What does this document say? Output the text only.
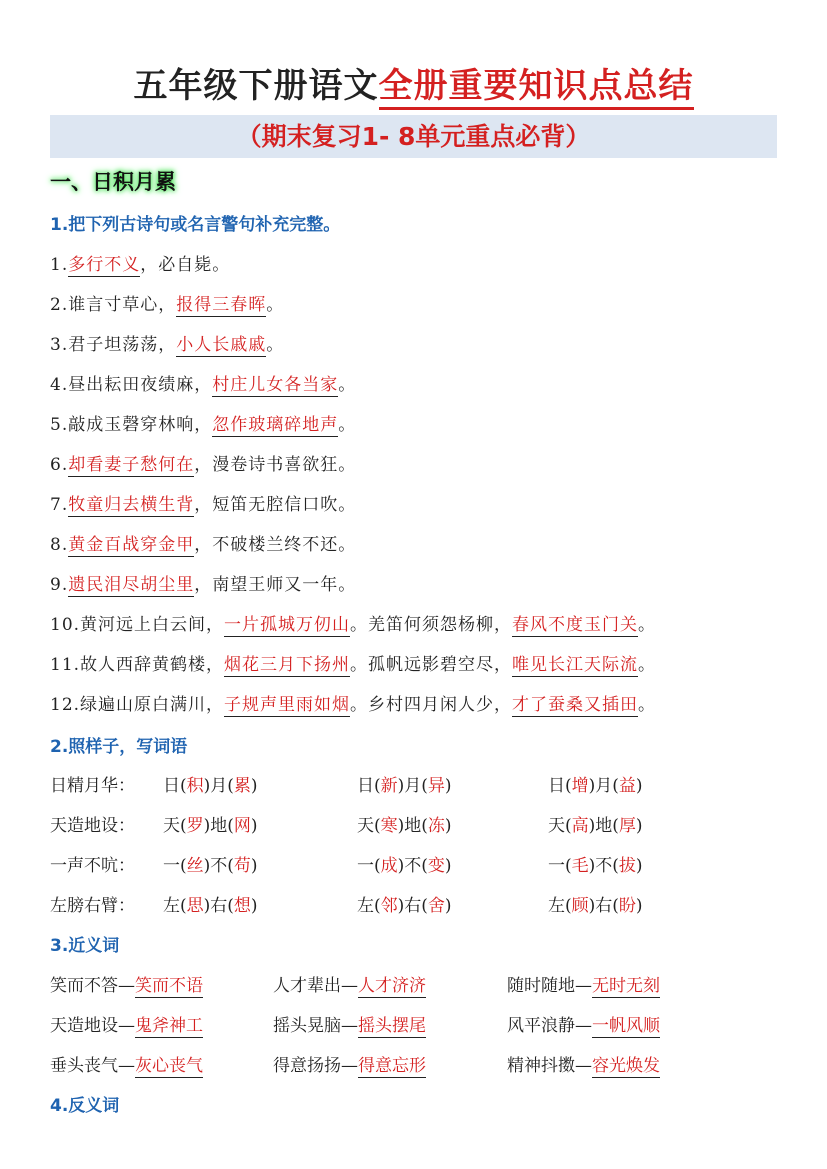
五年级下册语文全册重要知识点总结
（期末复习1- 8单元重点必背）
一、日积月累
1.把下列古诗句或名言警句补充完整。
1.多行不义，必自毙。
2.谁言寸草心，报得三春晖。
3.君子坦荡荡，小人长戚戚。
4.昼出耘田夜绩麻，村庄儿女各当家。
5.敲成玉磬穿林响，忽作玻璃碎地声。
6.却看妻子愁何在，漫卷诗书喜欲狂。
7.牧童归去横生背，短笛无腔信口吹。
8.黄金百战穿金甲，不破楼兰终不还。
9.遗民泪尽胡尘里，南望王师又一年。
10.黄河远上白云间，一片孤城万仞山。羌笛何须怨杨柳，春风不度玉门关。
11.故人西辞黄鹤楼，烟花三月下扬州。孤帆远影碧空尽，唯见长江天际流。
12.绿遍山原白满川，子规声里雨如烟。乡村四月闲人少，才了蚕桑又插田。
2.照样子，写词语
日精月华： 日(积)月(累)	日(新)月(异)	日(增)月(益)
天造地设： 天(罗)地(网)	天(寒)地(冻)	天(高)地(厚)
一声不吭： 一(丝)不(苟)	一(成)不(变)	一(毛)不(拔)
左膀右臂： 左(思)右(想)	左(邻)右(舍)	左(顾)右(盼)
3.近义词
笑而不答—笑而不语	人才辈出—人才济济	随时随地—无时无刻
天造地设—鬼斧神工	摇头晃脑—摇头摆尾	风平浪静—一帆风顺
垂头丧气—灰心丧气	得意扬扬—得意忘形	精神抖擞—容光焕发
4.反义词
